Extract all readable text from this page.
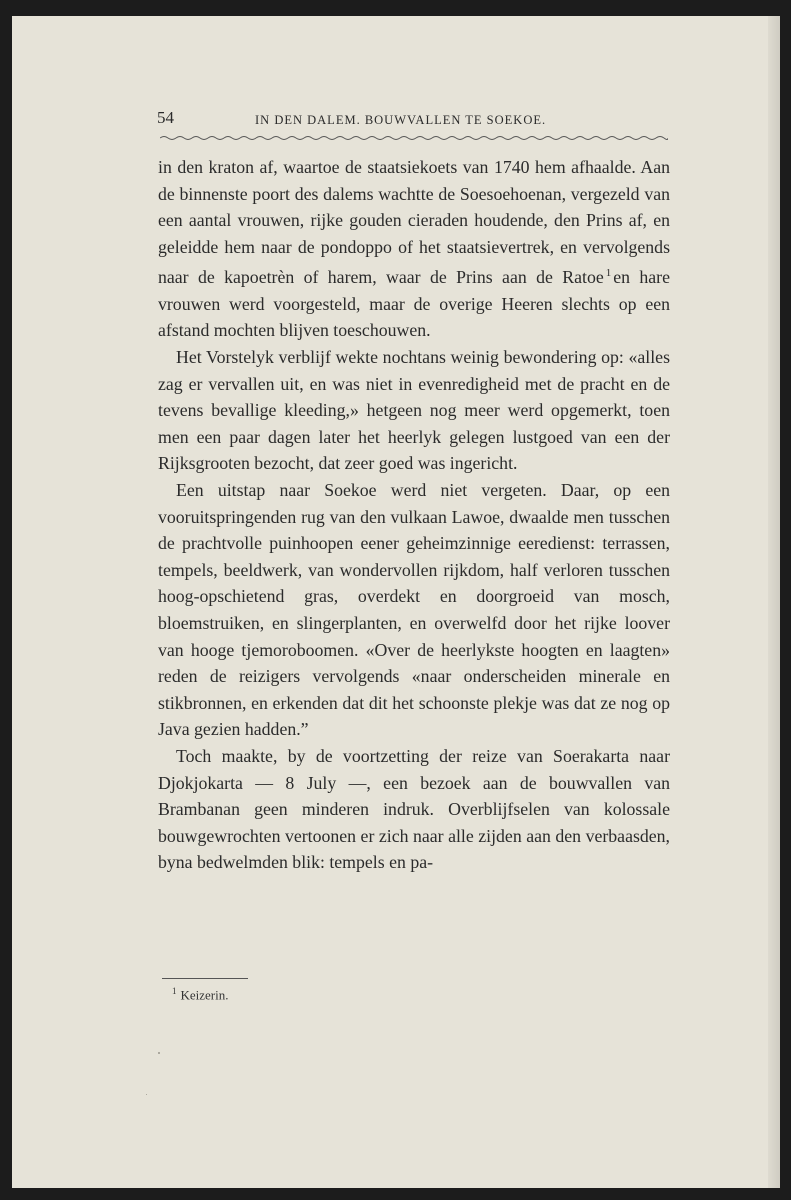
54	IN DEN DALEM. BOUWVALLEN TE SOEKOE.

in den kraton af, waartoe de staatsiekoets van 1740 hem afhaalde. Aan de binnenste poort des dalems wachtte de Soesoehoenan, vergezeld van een aantal vrouwen, rijke gouden cieraden houdende, den Prins af, en geleidde hem naar de pondoppo of het staatsievertrek, en vervolgends naar de kapoetrèn of harem, waar de Prins aan de Ratoe $^1$ en hare vrouwen werd voorgesteld, maar de overige Heeren slechts op een afstand mochten blijven toeschouwen.

Het Vorstelyk verblijf wekte nochtans weinig bewondering op: «alles zag er vervallen uit, en was niet in evenredigheid met de pracht en de tevens bevallige kleeding,» hetgeen nog meer werd opgemerkt, toen men een paar dagen later het heerlyk gelegen lustgoed van een der Rijksgrooten bezocht, dat zeer goed was ingericht.

Een uitstap naar Soekoe werd niet vergeten. Daar, op een vooruitspringenden rug van den vulkaan Lawoe, dwaalde men tusschen de prachtvolle puinhoopen eener geheimzinnige eeredienst: terrassen, tempels, beeldwerk, van wondervollen rijkdom, half verloren tusschen hoog-opschietend gras, overdekt en doorgroeid van mosch, bloemstruiken, en slingerplanten, en overwelfd door het rijke loover van hooge tjemoroboomen. «Over de heerlykste hoogten en laagten» reden de reizigers vervolgends «naar onderscheiden minerale en stikbronnen, en erkenden dat dit het schoonste plekje was dat ze nog op Java gezien hadden.”

Toch maakte, by de voortzetting der reize van Soerakarta naar Djokjokarta — 8 July —, een bezoek aan de bouwvallen van Brambanan geen minderen indruk. Overblijfselen van kolossale bouwgewrochten vertoonen er zich naar alle zijden aan den verbaasden, byna bedwelmden blik: tempels en pa-

$^1$ Keizerin.
